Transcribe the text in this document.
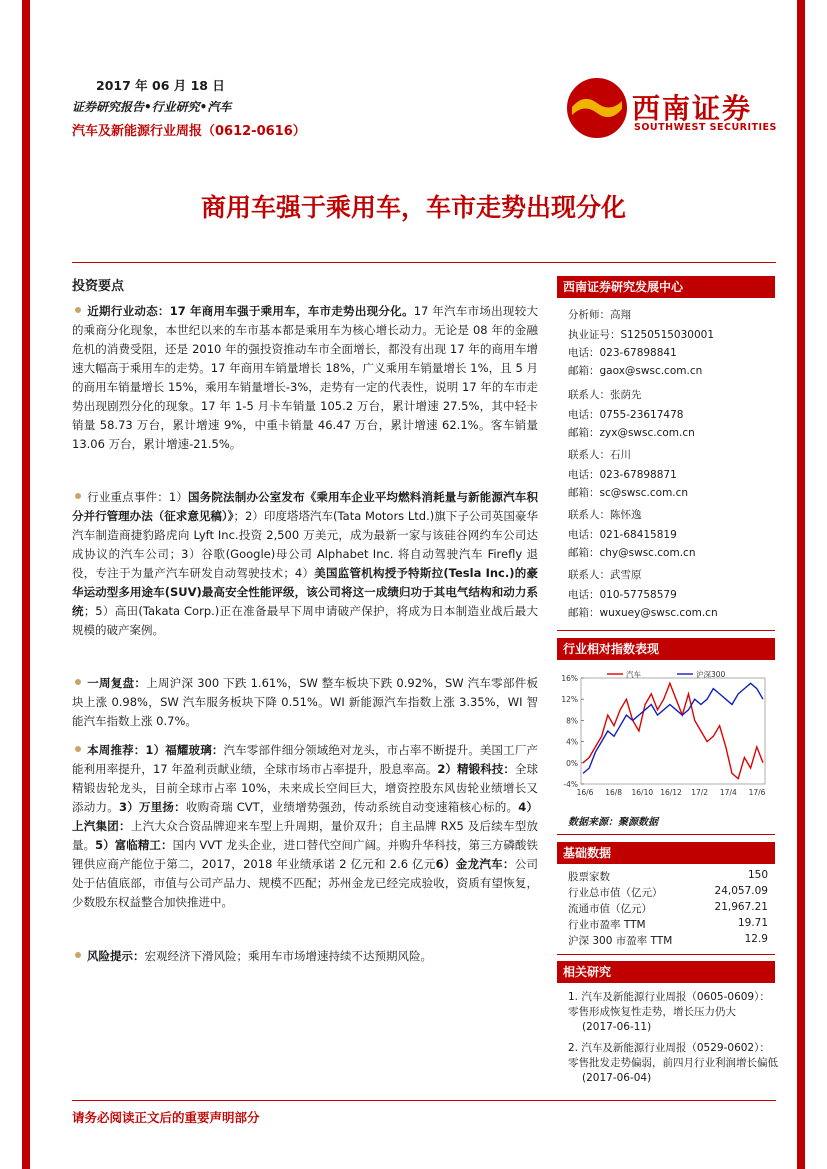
2017 年 06 月 18 日
证券研究报告•行业研究•汽车
汽车及新能源行业周报（0612-0616）
西南证券
SOUTHWEST SECURITIES
商用车强于乘用车，车市走势出现分化
投资要点
近期行业动态：17 年商用车强于乘用车，车市走势出现分化。17 年汽车市场出现较大的乘商分化现象，本世纪以来的车市基本都是乘用车为核心增长动力。无论是 08 年的金融危机的消费受阻，还是 2010 年的强投资推动车市全面增长，都没有出现 17 年的商用车增速大幅高于乘用车的走势。17 年商用车销量增长 18%，广义乘用车销量增长 1%，且 5 月的商用车销量增长 15%，乘用车销量增长-3%，走势有一定的代表性，说明 17 年的车市走势出现剧烈分化的现象。17 年 1-5 月卡车销量 105.2 万台，累计增速 27.5%，其中轻卡销量 58.73 万台，累计增速 9%，中重卡销量 46.47 万台，累计增速 62.1%。客车销量 13.06 万台，累计增速-21.5%。
行业重点事件：1）国务院法制办公室发布《乘用车企业平均燃料消耗量与新能源汽车积分并行管理办法（征求意见稿）》；2）印度塔塔汽车(Tata Motors Ltd.)旗下子公司英国豪华汽车制造商捷豹路虎向 Lyft Inc.投资 2,500 万美元，成为最新一家与该硅谷网约车公司达成协议的汽车公司；3）谷歌(Google)母公司 Alphabet Inc. 将自动驾驶汽车 Firefly 退役，专注于为量产汽车研发自动驾驶技术；4）美国监管机构授予特斯拉(Tesla Inc.)的豪华运动型多用途车(SUV)最高安全性能评级，该公司将这一成绩归功于其电气结构和动力系统；5）高田(Takata Corp.)正在准备最早下周申请破产保护，将成为日本制造业战后最大规模的破产案例。
一周复盘：上周沪深 300 下跌 1.61%，SW 整车板块下跌 0.92%，SW 汽车零部件板块上涨 0.98%，SW 汽车服务板块下降 0.51%。WI 新能源汽车指数上涨 3.35%，WI 智能汽车指数上涨 0.7%。
本周推荐：1）福耀玻璃：汽车零部件细分领域绝对龙头，市占率不断提升。美国工厂产能利用率提升，17 年盈利贡献业绩，全球市场市占率提升，股息率高。2）精锻科技：全球精锻齿轮龙头，目前全球市占率 10%，未来成长空间巨大，增资控股东风齿轮业绩增长又添动力。3）万里扬：收购奇瑞 CVT，业绩增势强劲，传动系统自动变速箱核心标的。4）上汽集团：上汽大众合资品牌迎来车型上升周期，量价双升；自主品牌 RX5 及后续车型放量。5）富临精工：国内 VVT 龙头企业，进口替代空间广阔。并购升华科技，第三方磷酸铁锂供应商产能位于第二，2017，2018 年业绩承诺 2 亿元和 2.6 亿元6）金龙汽车：公司处于估值底部，市值与公司产品力、规模不匹配；苏州金龙已经完成验收，资质有望恢复，少数股东权益整合加快推进中。
风险提示：宏观经济下滑风险；乘用车市场增速持续不达预期风险。
西南证券研究发展中心
分析师：高翔
执业证号：S1250515030001
电话：023-67898841
邮箱：gaox@swsc.com.cn
联系人：张荫先
电话：0755-23617478
邮箱：zyx@swsc.com.cn
联系人：石川
电话：023-67898871
邮箱：sc@swsc.com.cn
联系人：陈怀逸
电话：021-68415819
邮箱：chy@swsc.com.cn
联系人：武雪原
电话：010-57758579
邮箱：wuxuey@swsc.com.cn
行业相对指数表现
16%
12%
8%
4%
0%
-4%
16/6 16/8 16/10 16/12 17/2 17/4 17/6
汽车	沪深300
数据来源：聚源数据
基础数据
股票家数	150
行业总市值（亿元）	24,057.09
流通市值（亿元）	21,967.21
行业市盈率 TTM	19.71
沪深 300 市盈率 TTM	12.9
相关研究
1. 汽车及新能源行业周报（0605-0609）：零售形成恢复性走势，增长压力仍大
(2017-06-11)
2. 汽车及新能源行业周报（0529-0602）：零售批发走势偏弱，前四月行业利润增长偏低
(2017-06-04)
请务必阅读正文后的重要声明部分
